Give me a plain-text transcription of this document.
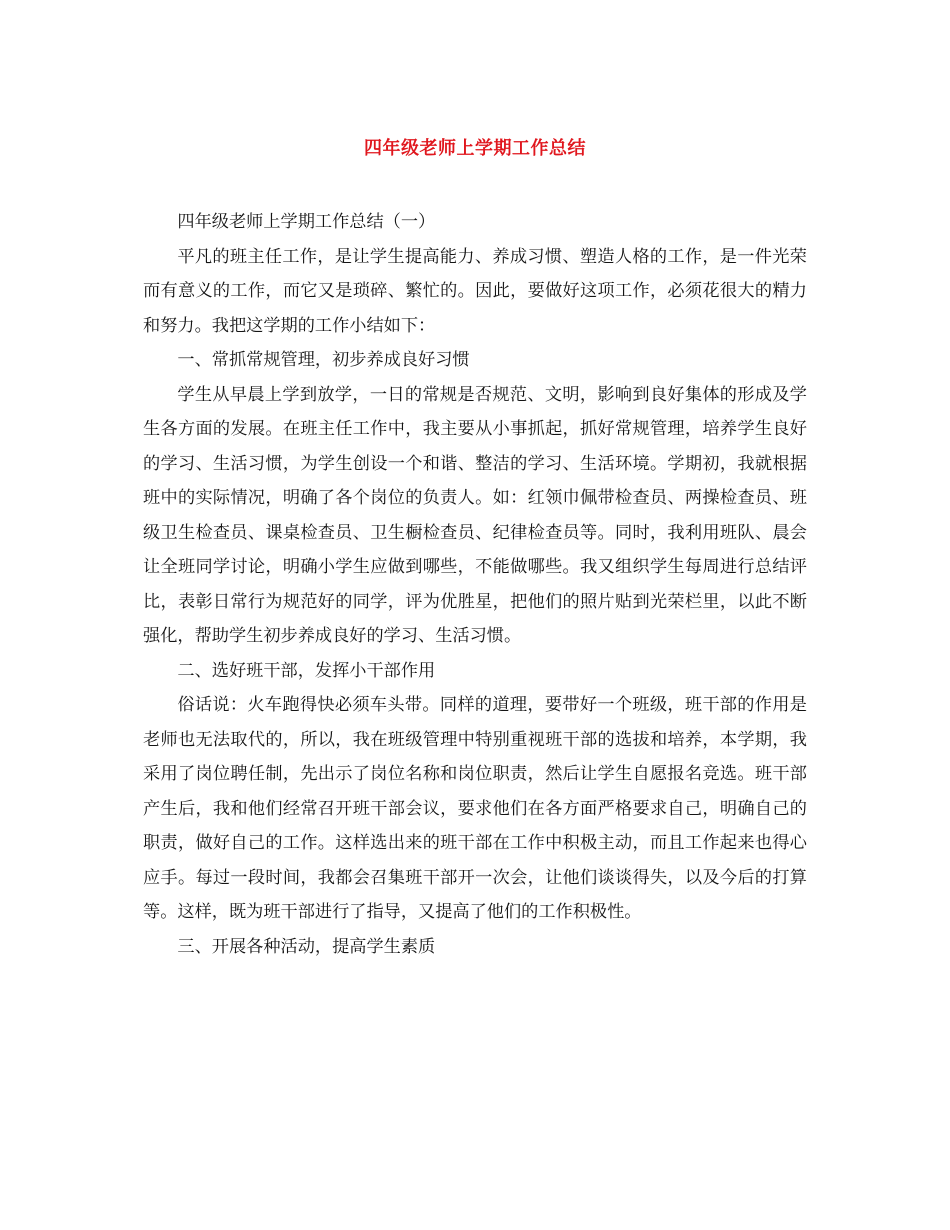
四年级老师上学期工作总结

四年级老师上学期工作总结（一）

平凡的班主任工作，是让学生提高能力、养成习惯、塑造人格的工作，是一件光荣而有意义的工作，而它又是琐碎、繁忙的。因此，要做好这项工作，必须花很大的精力和努力。我把这学期的工作小结如下：

一、常抓常规管理，初步养成良好习惯

学生从早晨上学到放学，一日的常规是否规范、文明，影响到良好集体的形成及学生各方面的发展。在班主任工作中，我主要从小事抓起，抓好常规管理，培养学生良好的学习、生活习惯，为学生创设一个和谐、整洁的学习、生活环境。学期初，我就根据班中的实际情况，明确了各个岗位的负责人。如：红领巾佩带检查员、两操检查员、班级卫生检查员、课桌检查员、卫生橱检查员、纪律检查员等。同时，我利用班队、晨会让全班同学讨论，明确小学生应做到哪些，不能做哪些。我又组织学生每周进行总结评比，表彰日常行为规范好的同学，评为优胜星，把他们的照片贴到光荣栏里，以此不断强化，帮助学生初步养成良好的学习、生活习惯。

二、选好班干部，发挥小干部作用

俗话说：火车跑得快必须车头带。同样的道理，要带好一个班级，班干部的作用是老师也无法取代的，所以，我在班级管理中特别重视班干部的选拔和培养，本学期，我采用了岗位聘任制，先出示了岗位名称和岗位职责，然后让学生自愿报名竞选。班干部产生后，我和他们经常召开班干部会议，要求他们在各方面严格要求自己，明确自己的职责，做好自己的工作。这样选出来的班干部在工作中积极主动，而且工作起来也得心应手。每过一段时间，我都会召集班干部开一次会，让他们谈谈得失，以及今后的打算等。这样，既为班干部进行了指导，又提高了他们的工作积极性。

三、开展各种活动，提高学生素质
